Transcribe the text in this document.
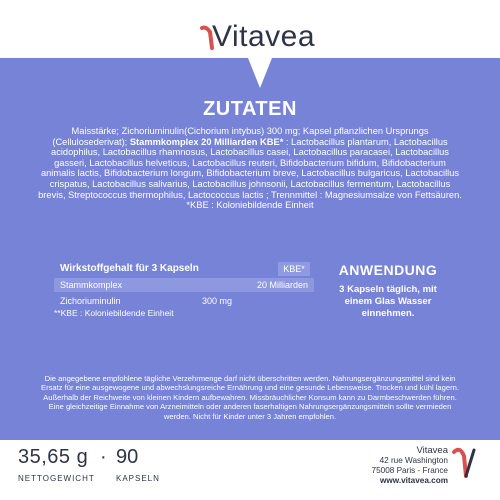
Vitavea
ZUTATEN
Maisstärke; Zichoriuminulin(Cichorium intybus) 300 mg; Kapsel pflanzlichen Ursprungs (Cellulosederivat); Stammkomplex 20 Milliarden KBE* : Lactobacillus plantarum, Lactobacillus acidophilus, Lactobacillus rhamnosus, Lactobacillus casei, Lactobacillus paracasei, Lactobacillus gasseri, Lactobacillus helveticus, Lactobacillus reuteri, Bifidobacterium bifidum, Bifidobacterium animalis lactis, Bifidobacterium longum, Bifidobacterium breve, Lactobacillus bulgaricus, Lactobacillus crispatus, Lactobacillus salivarius, Lactobacillus johnsonii, Lactobacillus fermentum, Lactobacillus brevis, Streptococcus thermophilus, Lactococcus lactis ; Trennmittel : Magnesiumsalze von Fettsäuren.
*KBE : Koloniebildende Einheit
Wirkstoffgehalt für 3 Kapseln	KBE*
Stammkomplex	20 Milliarden
Zichoriuminulin	300 mg
**KBE : Koloniebildende Einheit
ANWENDUNG
3 Kapseln täglich, mit einem Glas Wasser einnehmen.
Die angegebene empfohlene tägliche Verzehrmenge darf nicht überschritten werden. Nahrungsergänzungsmittel sind kein Ersatz für eine ausgewogene und abwechslungsreiche Ernährung und eine gesunde Lebensweise. Trocken und kühl lagern. Außerhalb der Reichweite von kleinen Kindern aufbewahren. Missbräuchlicher Konsum kann zu Darmbeschwerden führen. Eine gleichzeitige Einnahme von Arzneimitteln oder anderen faserhaltigen Nahrungsergänzungsmitteln sollte vermieden werden. Nicht für Kinder unter 3 Jahren empfohlen.
35,65 g
NETTOGEWICHT
· 90
KAPSELN
Vitavea
42 rue Washington
75008 Paris - France
www.vitavea.com
